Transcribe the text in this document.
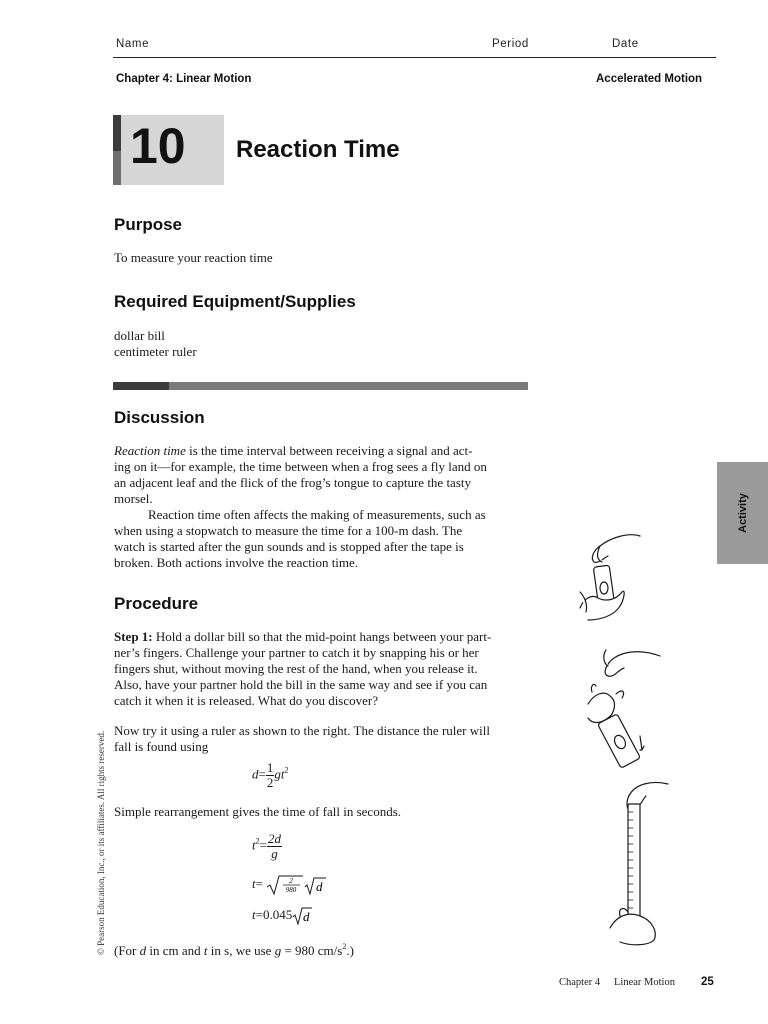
Name	Period	Date
Chapter 4: Linear Motion	Accelerated Motion
10 Reaction Time
Purpose
To measure your reaction time
Required Equipment/Supplies
dollar bill
centimeter ruler
Discussion
Reaction time is the time interval between receiving a signal and act-
ing on it—for example, the time between when a frog sees a fly land on
an adjacent leaf and the flick of the frog’s tongue to capture the tasty
morsel.
Reaction time often affects the making of measurements, such as
when using a stopwatch to measure the time for a 100-m dash. The
watch is started after the gun sounds and is stopped after the tape is
broken. Both actions involve the reaction time.
Procedure
Step 1: Hold a dollar bill so that the mid-point hangs between your part-
ner’s fingers. Challenge your partner to catch it by snapping his or her
fingers shut, without moving the rest of the hand, when you release it.
Also, have your partner hold the bill in the same way and see if you can
catch it when it is released. What do you discover?
Now try it using a ruler as shown to the right. The distance the ruler will
fall is found using
$d= \frac{1}{2} gt^2$
Simple rearrangement gives the time of fall in seconds.
$t^2= \frac{2d}{g}$
t=	2
980 d
t=0.045 d
(For d in cm and t in s, we use g = 980 $cm/s^2$.)
Activity
© Pearson Education, Inc., or its affiliates. All rights reserved.
Chapter 4 Linear Motion 25
